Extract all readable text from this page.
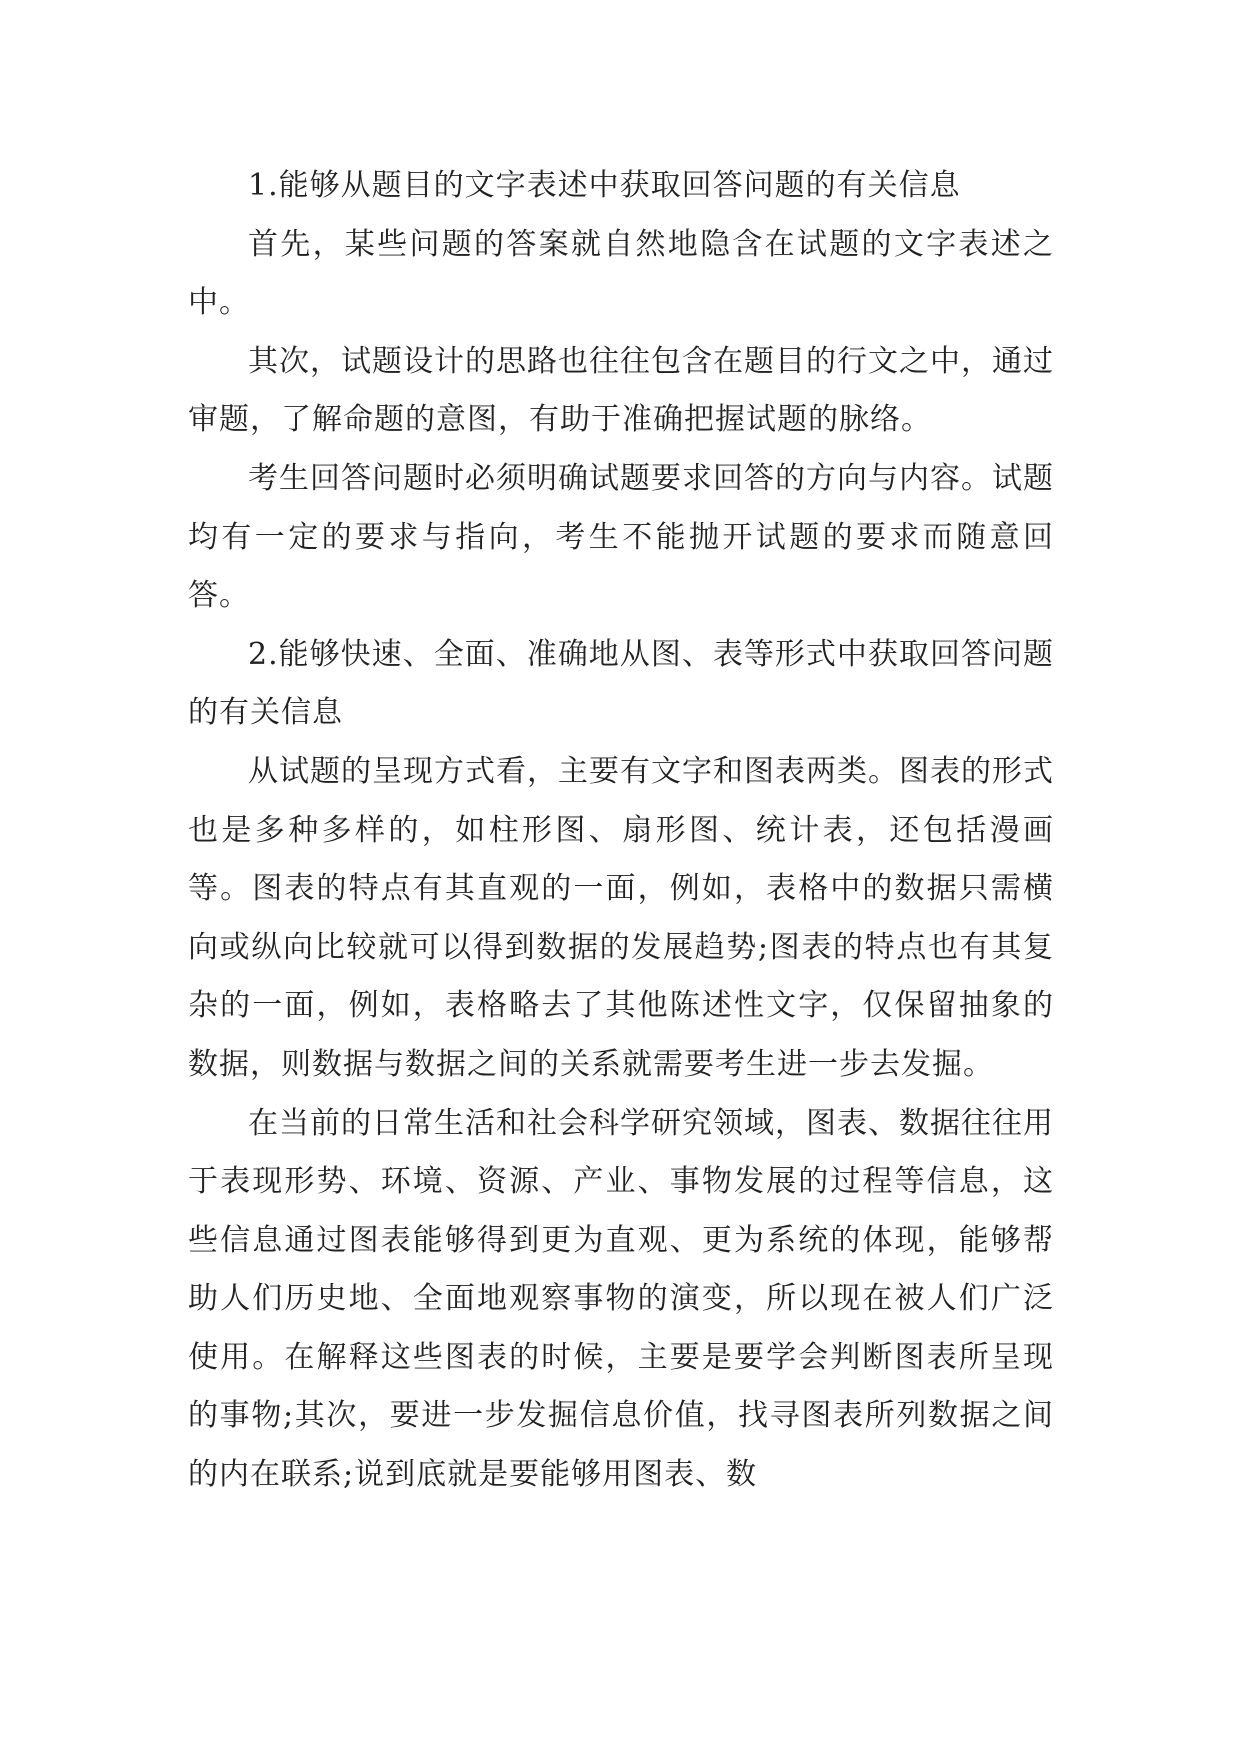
1.能够从题目的文字表述中获取回答问题的有关信息

首先，某些问题的答案就自然地隐含在试题的文字表述之中。

其次，试题设计的思路也往往包含在题目的行文之中，通过审题，了解命题的意图，有助于准确把握试题的脉络。

考生回答问题时必须明确试题要求回答的方向与内容。试题均有一定的要求与指向，考生不能抛开试题的要求而随意回答。

2.能够快速、全面、准确地从图、表等形式中获取回答问题的有关信息

从试题的呈现方式看，主要有文字和图表两类。图表的形式也是多种多样的，如柱形图、扇形图、统计表，还包括漫画等。图表的特点有其直观的一面，例如，表格中的数据只需横向或纵向比较就可以得到数据的发展趋势;图表的特点也有其复杂的一面，例如，表格略去了其他陈述性文字，仅保留抽象的数据，则数据与数据之间的关系就需要考生进一步去发掘。

在当前的日常生活和社会科学研究领域，图表、数据往往用于表现形势、环境、资源、产业、事物发展的过程等信息，这些信息通过图表能够得到更为直观、更为系统的体现，能够帮助人们历史地、全面地观察事物的演变，所以现在被人们广泛使用。在解释这些图表的时候，主要是要学会判断图表所呈现的事物;其次，要进一步发掘信息价值，找寻图表所列数据之间的内在联系;说到底就是要能够用图表、数
